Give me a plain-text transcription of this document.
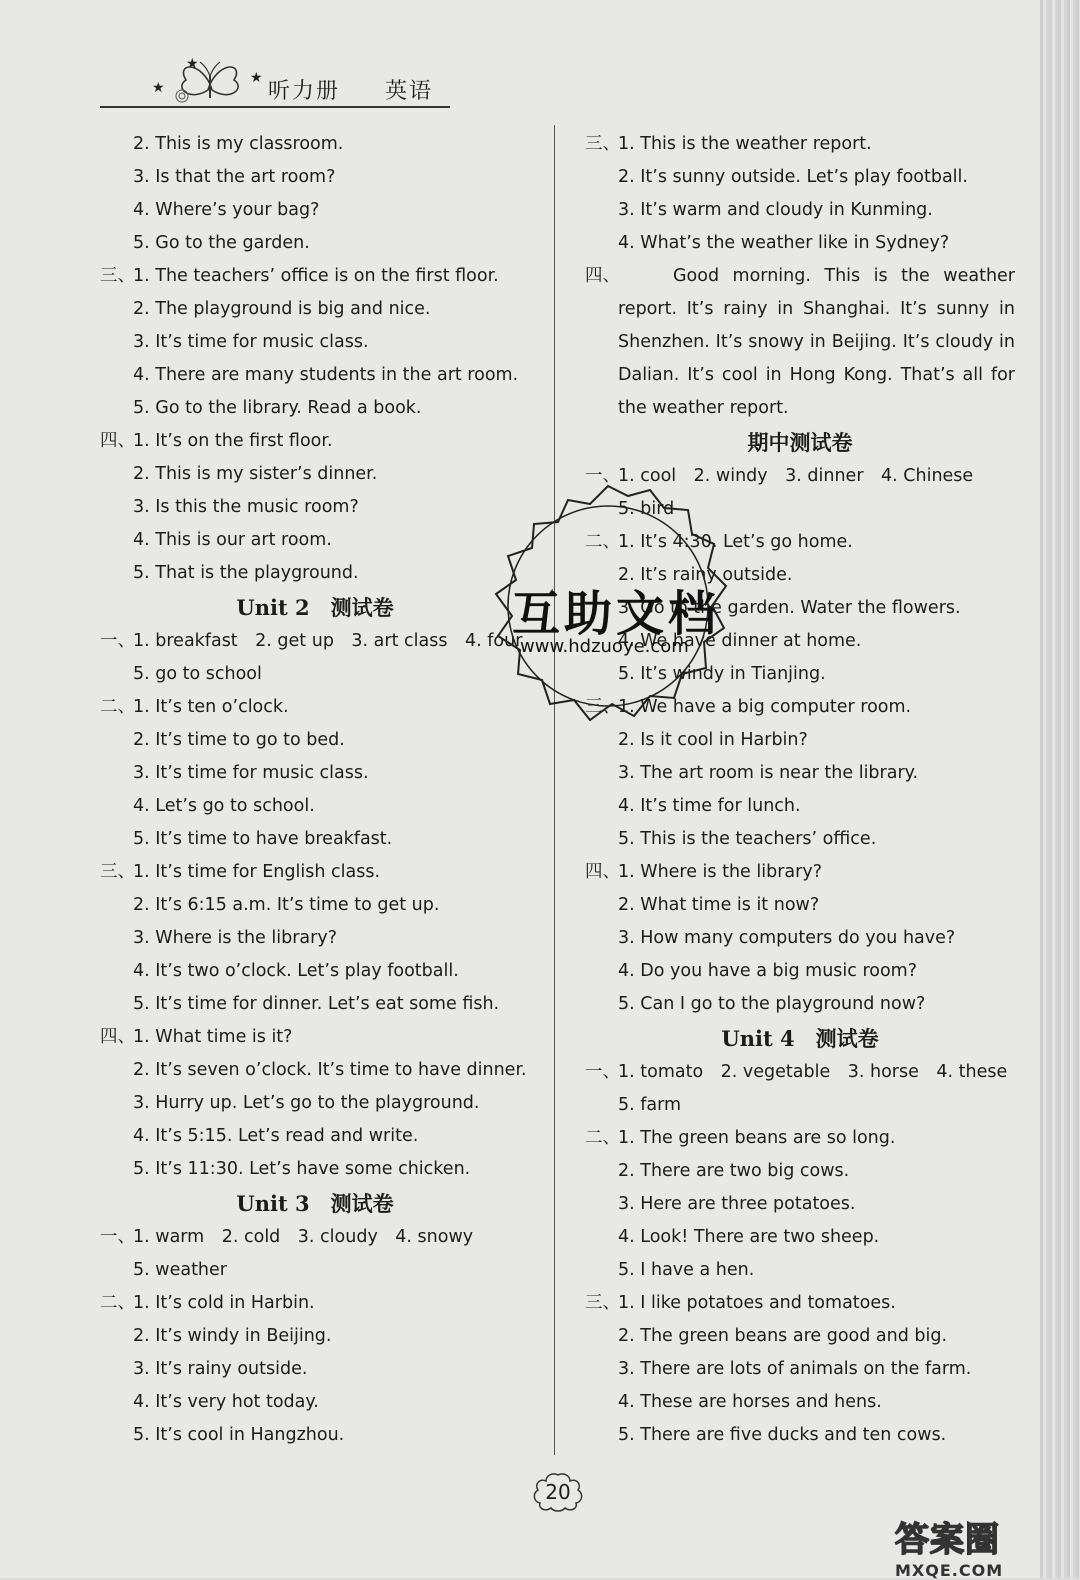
★
★
★
听力册 英语
2. This is my classroom.
3. Is that the art room?
4. Where’s your bag?
5. Go to the garden.
三、1. The teachers’ office is on the first floor.
2. The playground is big and nice.
3. It’s time for music class.
4. There are many students in the art room.
5. Go to the library. Read a book.
四、1. It’s on the first floor.
2. This is my sister’s dinner.
3. Is this the music room?
4. This is our art room.
5. That is the playground.
Unit 2　测试卷
一、1. breakfast　2. get up　3. art class　4. four
5. go to school
二、1. It’s ten o’clock.
2. It’s time to go to bed.
3. It’s time for music class.
4. Let’s go to school.
5. It’s time to have breakfast.
三、1. It’s time for English class.
2. It’s 6:15 a.m. It’s time to get up.
3. Where is the library?
4. It’s two o’clock. Let’s play football.
5. It’s time for dinner. Let’s eat some fish.
四、1. What time is it?
2. It’s seven o’clock. It’s time to have dinner.
3. Hurry up. Let’s go to the playground.
4. It’s 5:15. Let’s read and write.
5. It’s 11:30. Let’s have some chicken.
Unit 3　测试卷
一、1. warm　2. cold　3. cloudy　4. snowy
5. weather
二、1. It’s cold in Harbin.
2. It’s windy in Beijing.
3. It’s rainy outside.
4. It’s very hot today.
5. It’s cool in Hangzhou.
三、1. This is the weather report.
2. It’s sunny outside. Let’s play football.
3. It’s warm and cloudy in Kunming.
4. What’s the weather like in Sydney?
四、	Good morning. This is the weather report. It’s rainy in Shanghai. It’s sunny in Shenzhen. It’s snowy in Beijing. It’s cloudy in Dalian. It’s cool in Hong Kong. That’s all for the weather report.
期中测试卷
一、1. cool　2. windy　3. dinner　4. Chinese
5. bird
二、1. It’s 4:30. Let’s go home.
2. It’s rainy outside.
3. Go to the garden. Water the flowers.
4. We have dinner at home.
5. It’s windy in Tianjing.
三、1. We have a big computer room.
2. Is it cool in Harbin?
3. The art room is near the library.
4. It’s time for lunch.
5. This is the teachers’ office.
四、1. Where is the library?
2. What time is it now?
3. How many computers do you have?
4. Do you have a big music room?
5. Can I go to the playground now?
Unit 4　测试卷
一、1. tomato　2. vegetable　3. horse　4. these
5. farm
二、1. The green beans are so long.
2. There are two big cows.
3. Here are three potatoes.
4. Look! There are two sheep.
5. I have a hen.
三、1. I like potatoes and tomatoes.
2. The green beans are good and big.
3. There are lots of animals on the farm.
4. These are horses and hens.
5. There are five ducks and ten cows.
互助文档
www.hdzuoye.com
20
答案圈
MXQE.COM
